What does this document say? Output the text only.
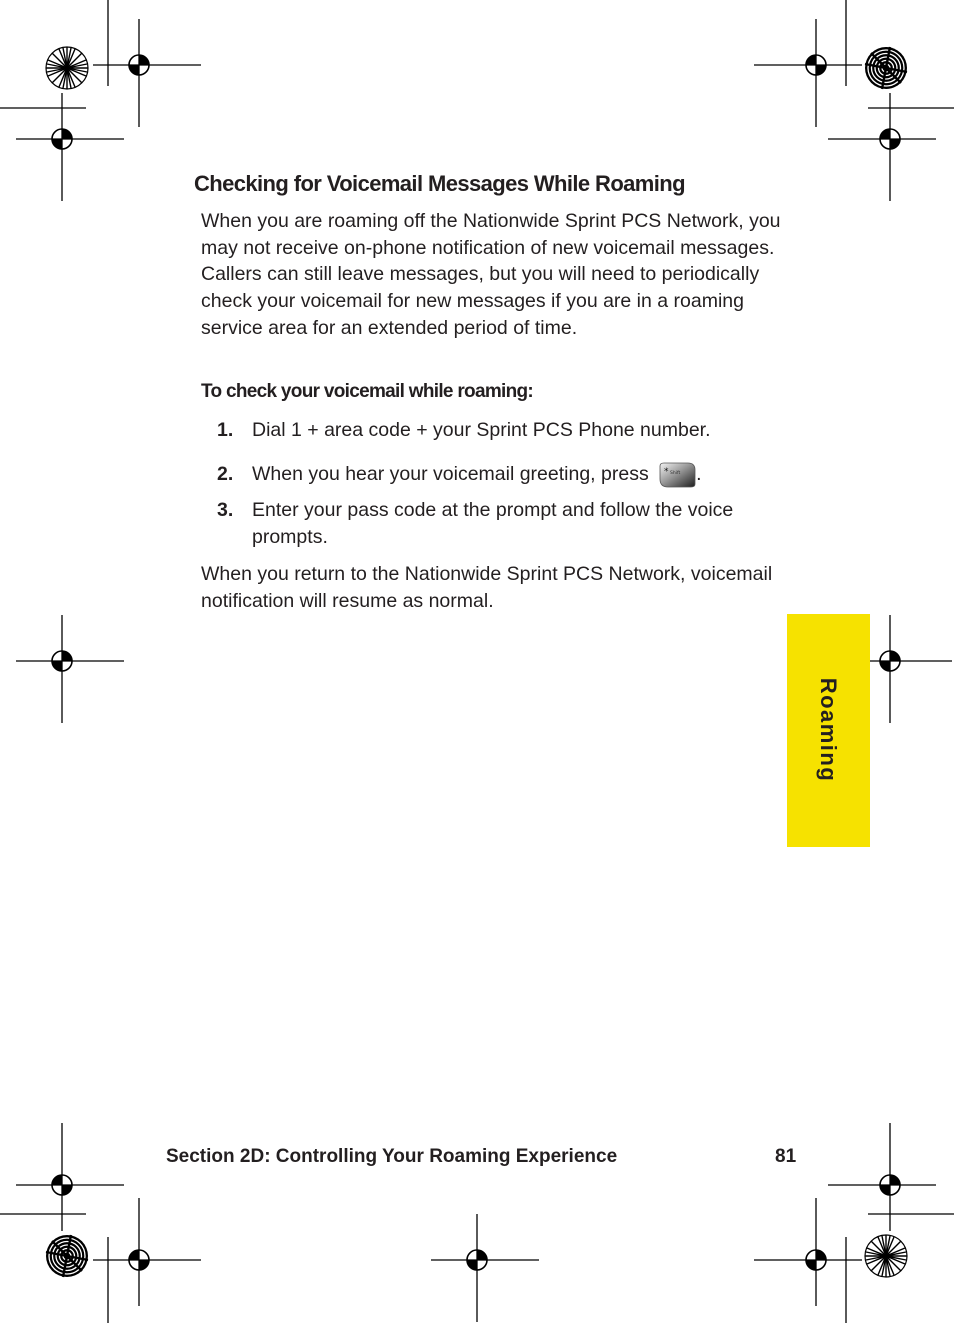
Checking for Voicemail Messages While Roaming
When you are roaming off the Nationwide Sprint PCS Network, you may not receive on-phone notification of new voicemail messages. Callers can still leave messages, but you will need to periodically check your voicemail for new messages if you are in a roaming service area for an extended period of time.
To check your voicemail while roaming:
1. Dial 1 + area code + your Sprint PCS Phone number.
2. When you hear your voicemail greeting, press * Shift .
3. Enter your pass code at the prompt and follow the voice prompts.
When you return to the Nationwide Sprint PCS Network, voicemail notification will resume as normal.
Roaming
Section 2D: Controlling Your Roaming Experience	81
